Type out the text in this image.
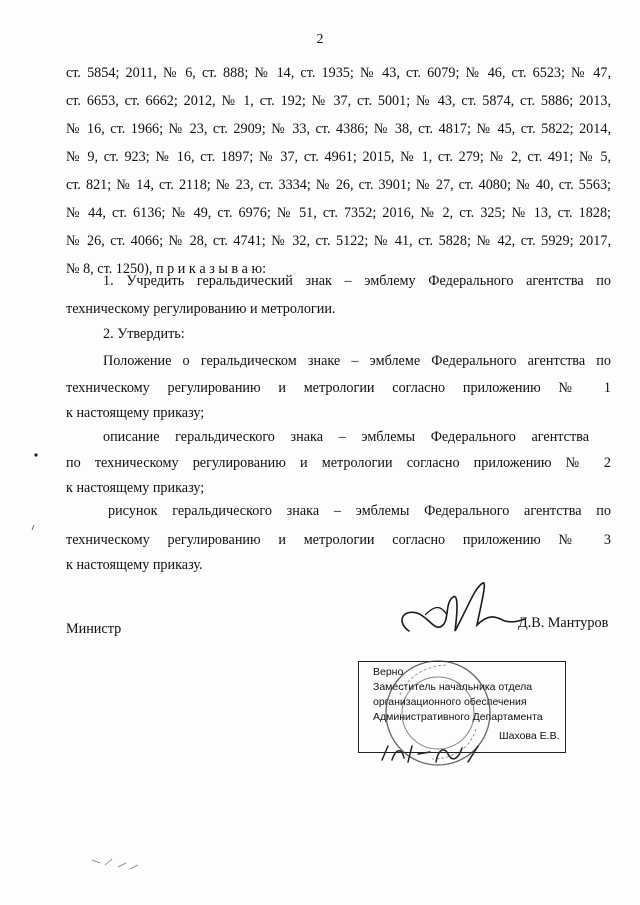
2
ст. 5854; 2011, № 6, ст. 888; № 14, ст. 1935; № 43, ст. 6079; № 46, ст. 6523; № 47,
ст. 6653, ст. 6662; 2012, № 1, ст. 192; № 37, ст. 5001; № 43, ст. 5874, ст. 5886; 2013,
№ 16, ст. 1966; № 23, ст. 2909; № 33, ст. 4386; № 38, ст. 4817; № 45, ст. 5822; 2014,
№ 9, ст. 923; № 16, ст. 1897; № 37, ст. 4961; 2015, № 1, ст. 279; № 2, ст. 491; № 5,
ст. 821; № 14, ст. 2118; № 23, ст. 3334; № 26, ст. 3901; № 27, ст. 4080; № 40, ст. 5563;
№ 44, ст. 6136; № 49, ст. 6976; № 51, ст. 7352; 2016, № 2, ст. 325; № 13, ст. 1828;
№ 26, ст. 4066; № 28, ст. 4741; № 32, ст. 5122; № 41, ст. 5828; № 42, ст. 5929; 2017,
№ 8, ст. 1250), п р и к а з ы в а ю:
1. Учредить геральдический знак – эмблему Федерального агентства по
техническому регулированию и метрологии.
2. Утвердить:
Положение о геральдическом знаке – эмблеме Федерального агентства по
техническому регулированию и метрологии согласно приложению № 1
к настоящему приказу;
описание геральдического знака – эмблемы Федерального агентства
по техническому регулированию и метрологии согласно приложению № 2
к настоящему приказу;
рисунок геральдического знака – эмблемы Федерального агентства по
техническому регулированию и метрологии согласно приложению № 3
к настоящему приказу.
Министр	Д.В. Мантуров
Верно
Заместитель начальника отдела
организационного обеспечения
Административного Департамента
Шахова Е.В.
